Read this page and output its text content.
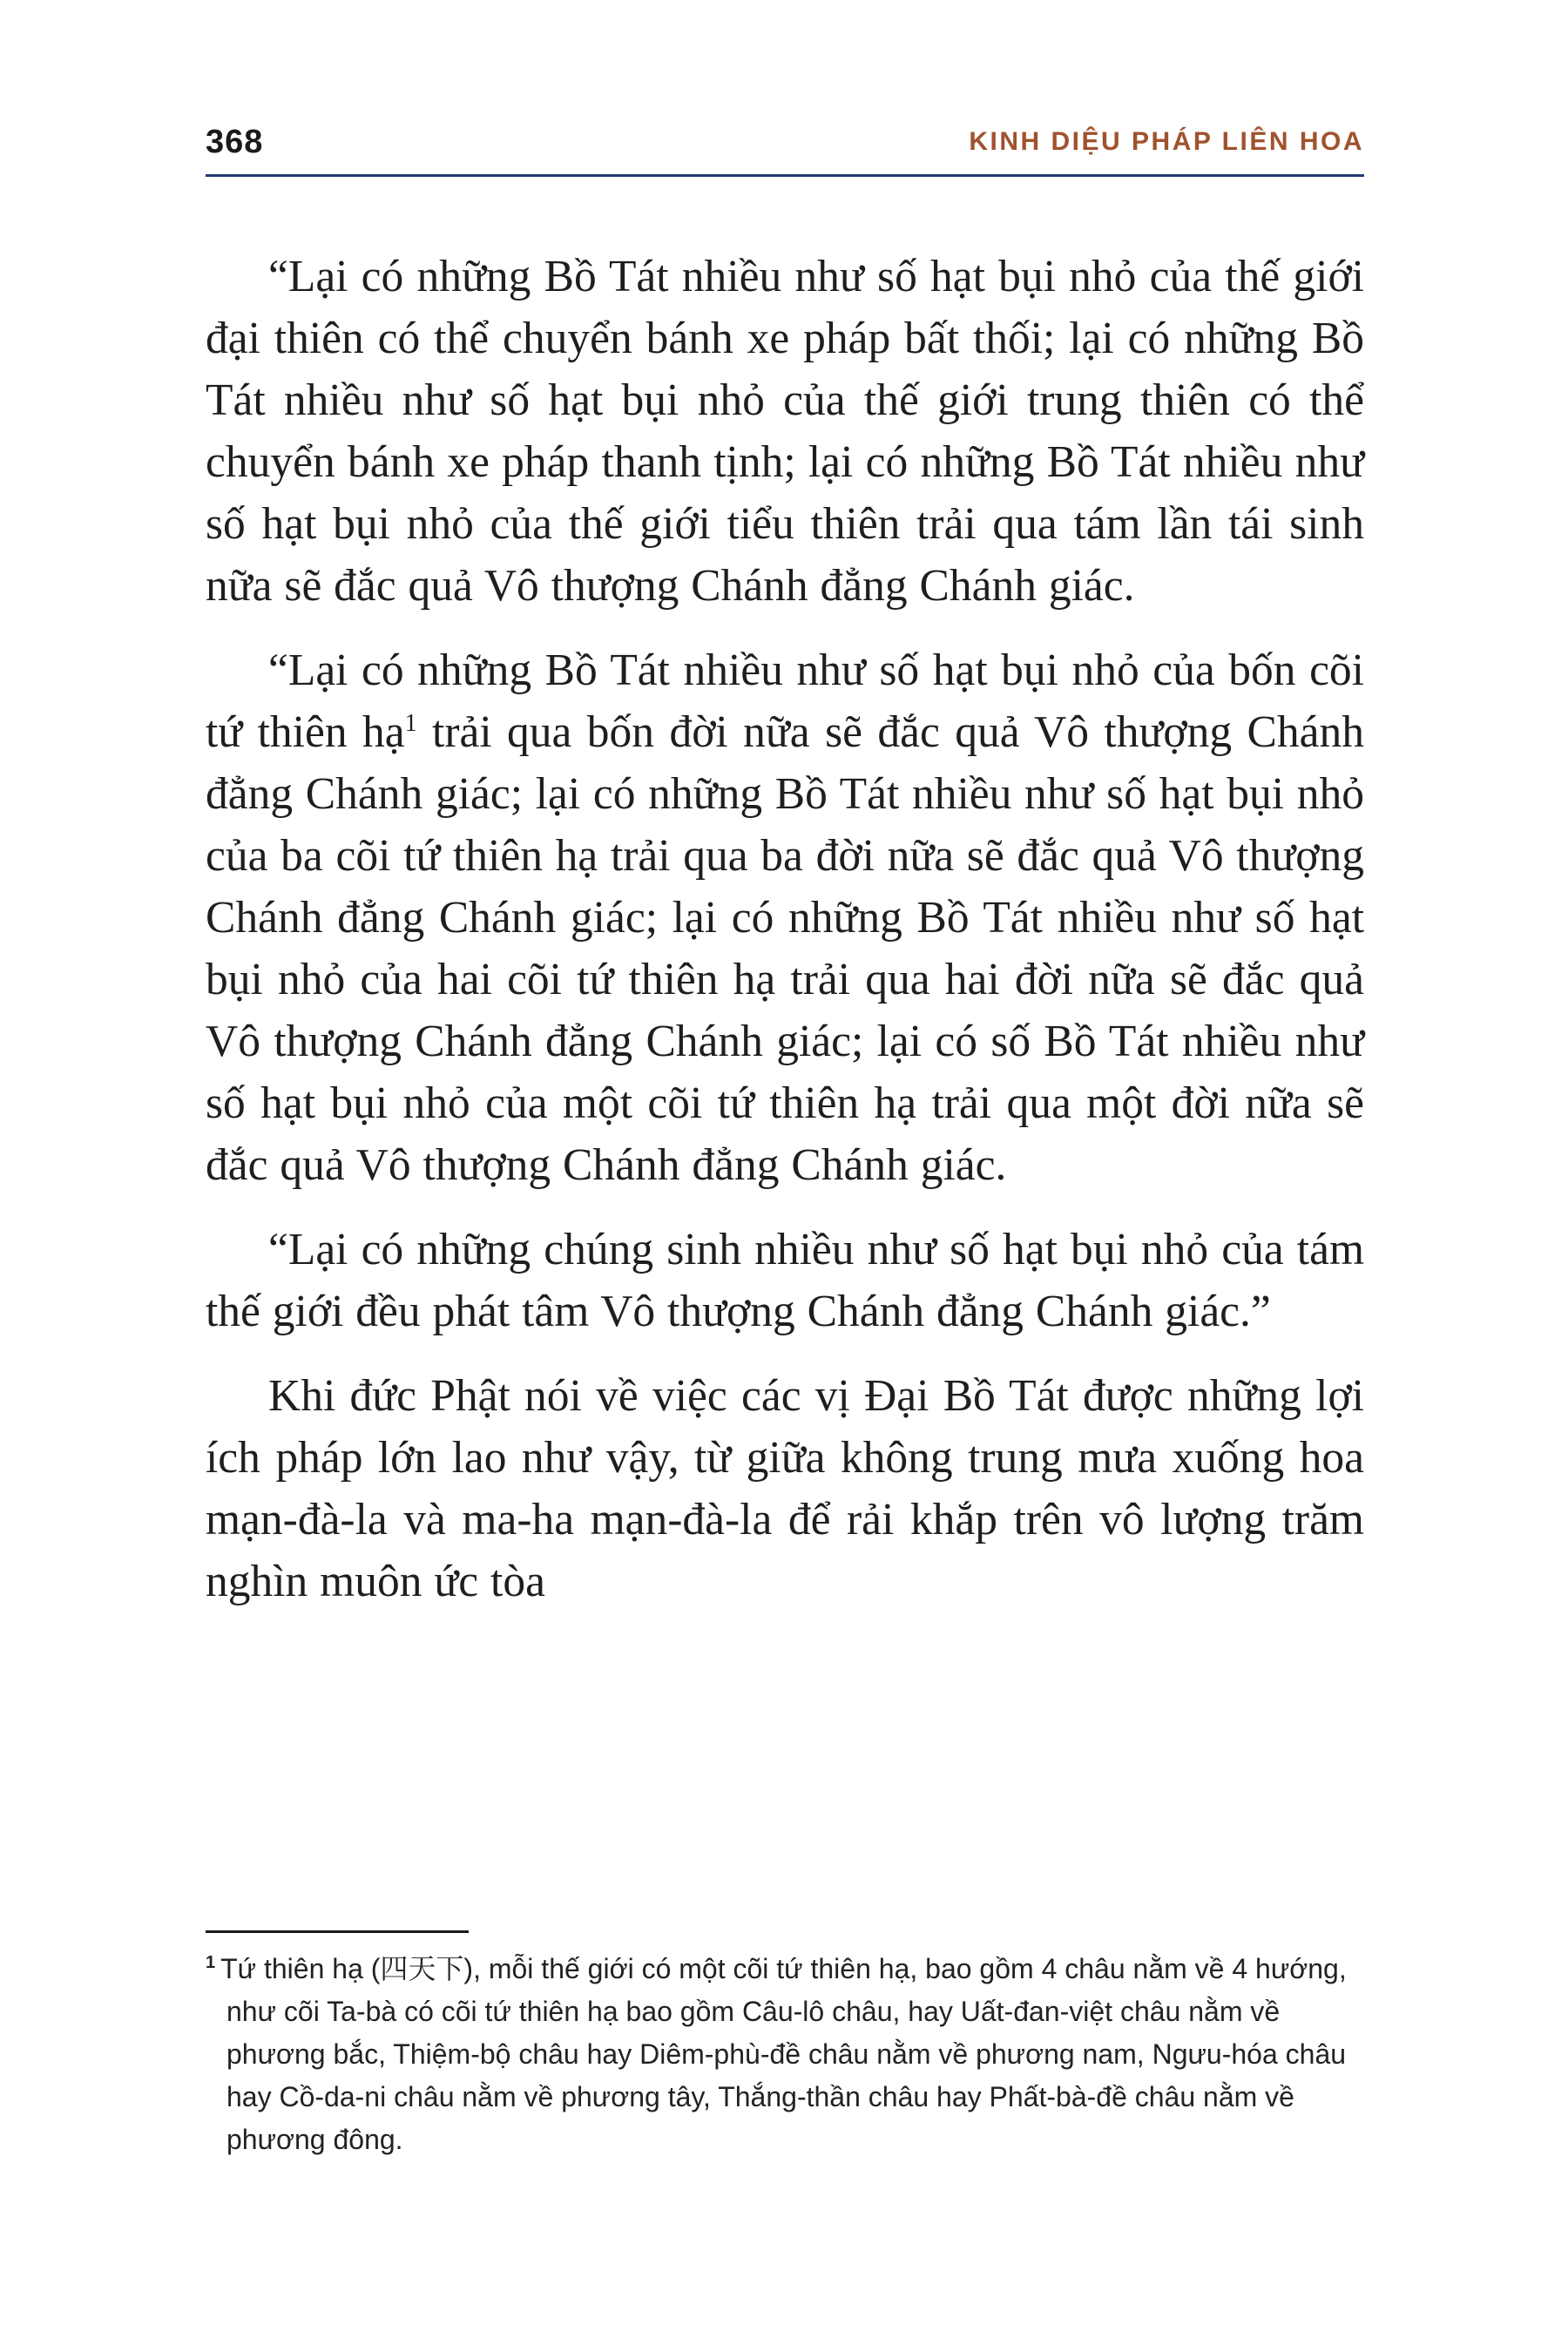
368	KINH DIỆU PHÁP LIÊN HOA

“Lại có những Bồ Tát nhiều như số hạt bụi nhỏ của thế giới đại thiên có thể chuyển bánh xe pháp bất thối; lại có những Bồ Tát nhiều như số hạt bụi nhỏ của thế giới trung thiên có thể chuyển bánh xe pháp thanh tịnh; lại có những Bồ Tát nhiều như số hạt bụi nhỏ của thế giới tiểu thiên trải qua tám lần tái sinh nữa sẽ đắc quả Vô thượng Chánh đẳng Chánh giác.

“Lại có những Bồ Tát nhiều như số hạt bụi nhỏ của bốn cõi tứ thiên hạ$^1$ trải qua bốn đời nữa sẽ đắc quả Vô thượng Chánh đẳng Chánh giác; lại có những Bồ Tát nhiều như số hạt bụi nhỏ của ba cõi tứ thiên hạ trải qua ba đời nữa sẽ đắc quả Vô thượng Chánh đẳng Chánh giác; lại có những Bồ Tát nhiều như số hạt bụi nhỏ của hai cõi tứ thiên hạ trải qua hai đời nữa sẽ đắc quả Vô thượng Chánh đẳng Chánh giác; lại có số Bồ Tát nhiều như số hạt bụi nhỏ của một cõi tứ thiên hạ trải qua một đời nữa sẽ đắc quả Vô thượng Chánh đẳng Chánh giác.

“Lại có những chúng sinh nhiều như số hạt bụi nhỏ của tám thế giới đều phát tâm Vô thượng Chánh đẳng Chánh giác.”

Khi đức Phật nói về việc các vị Đại Bồ Tát được những lợi ích pháp lớn lao như vậy, từ giữa không trung mưa xuống hoa mạn-đà-la và ma-ha mạn-đà-la để rải khắp trên vô lượng trăm nghìn muôn ức tòa

$^1$ Tứ thiên hạ (四天下), mỗi thế giới có một cõi tứ thiên hạ, bao gồm 4 châu nằm về 4 hướng, như cõi Ta-bà có cõi tứ thiên hạ bao gồm Câu-lô châu, hay Uất-đan-việt châu nằm về phương bắc, Thiệm-bộ châu hay Diêm-phù-đề châu nằm về phương nam, Ngưu-hóa châu hay Cồ-da-ni châu nằm về phương tây, Thắng-thần châu hay Phất-bà-đề châu nằm về phương đông.
